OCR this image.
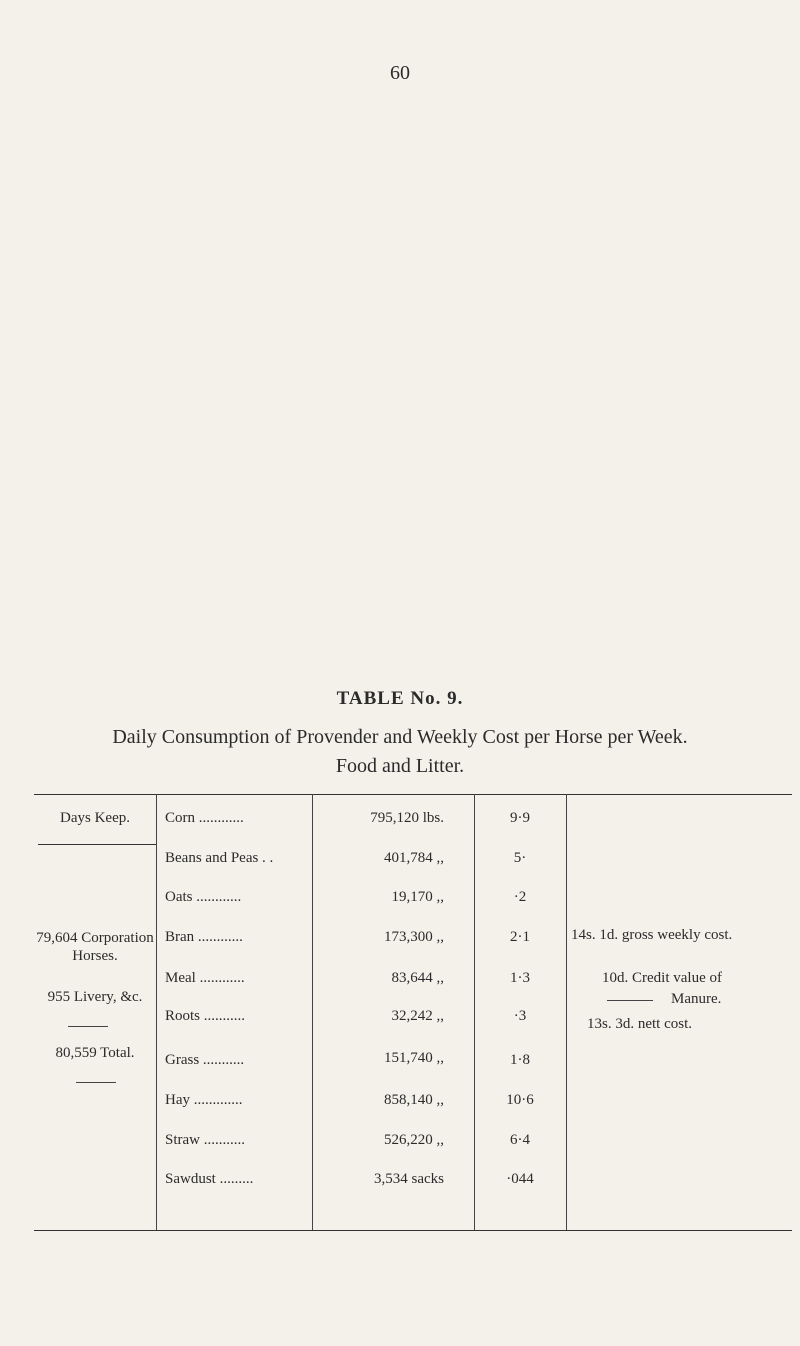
60
TABLE No. 9.
Daily Consumption of Provender and Weekly Cost per Horse per Week.
Food and Litter.
Days Keep.
79,604 Corporation
Horses.
955 Livery, &c.
80,559 Total.
Corn ............	795,120 lbs.	9·9
Beans and Peas . .	401,784 ,,	5·
Oats ............	19,170 ,,	·2
Bran ............	173,300 ,,	2·1
Meal ............	83,644 ,,	1·3
Roots ...........	32,242 ,,	·3
Grass ...........	151,740 ,,	1·8
Hay .............	858,140 ,,	10·6
Straw ...........	526,220 ,,	6·4
Sawdust .........	3,534 sacks	·044
14s. 1d. gross weekly cost.
10d. Credit value of
Manure.
13s. 3d. nett cost.
